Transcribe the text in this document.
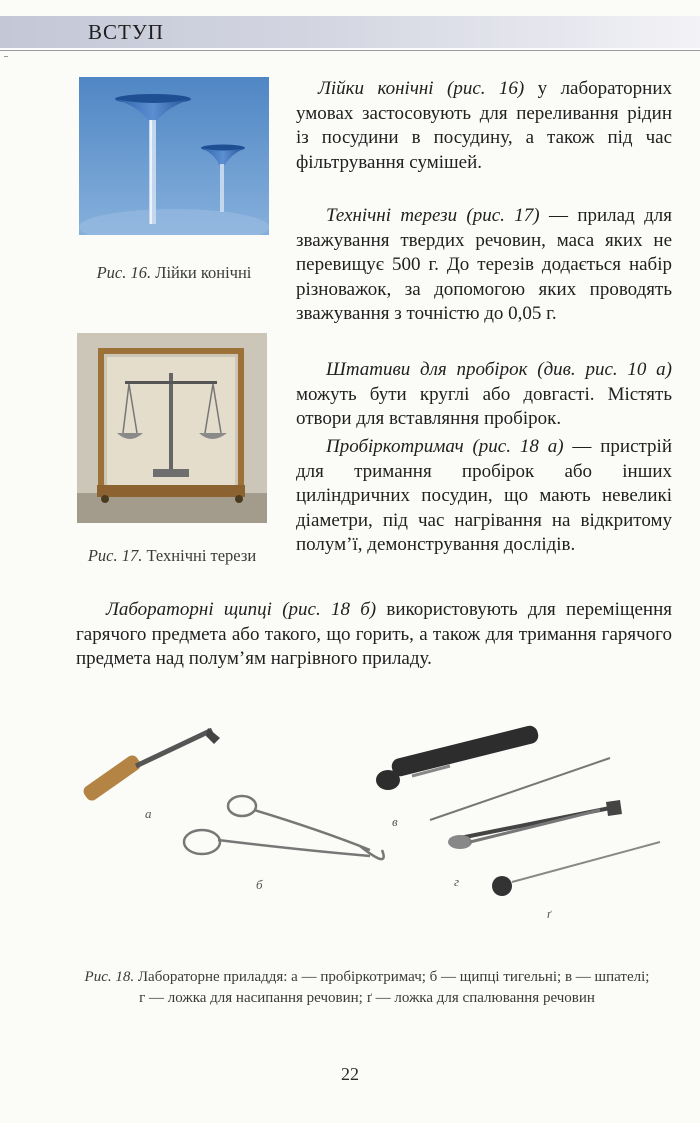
ВСТУП
Рис. 16. Лійки конічні
Рис. 17. Технічні терези

Лійки конічні (рис. 16) у лабораторних умовах застосовують для переливання рідин із посудини в посудину, а також під час фільтрування сумішей.

Технічні терези (рис. 17) — прилад для зважування твердих речовин, маса яких не перевищує 500 г. До терезів додається набір різноважок, за допомогою яких проводять зважування з точністю до 0,05 г.

Штативи для пробірок (див. рис. 10 а) можуть бути круглі або довгасті. Містять отвори для вставляння пробірок.

Пробіркотримач (рис. 18 а) — пристрій для тримання пробірок або інших циліндричних посудин, що мають невеликі діаметри, під час нагрівання на відкритому полум’ї, демонстрування дослідів.

Лабораторні щипці (рис. 18 б) використовують для переміщення гарячого предмета або такого, що горить, а також для тримання гарячого предмета над полум’ям нагрівного приладу.

а
б
в
г
ґ
Рис. 18. Лабораторне приладдя: а — пробіркотримач; б — щипці тигельні; в — шпателі; г — ложка для насипання речовин; ґ — ложка для спалювання речовин
22
